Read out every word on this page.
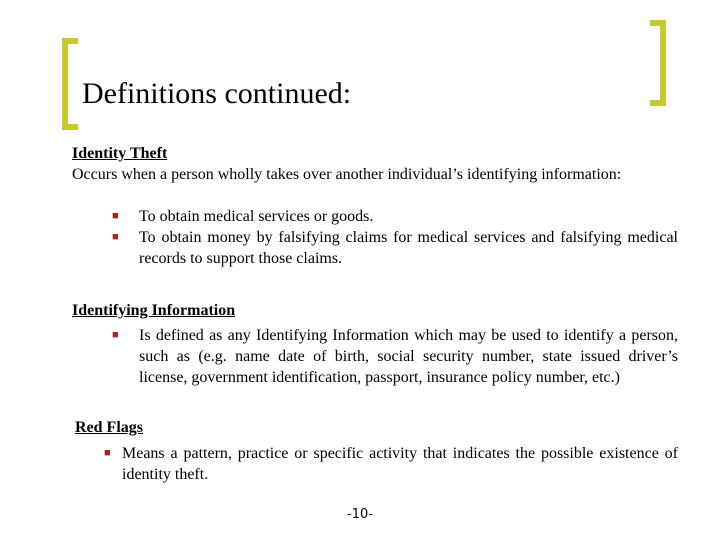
Definitions continued:
Identity Theft
Occurs when a person wholly takes over another individual’s identifying information:
■	To obtain medical services or goods.
■	To obtain money by falsifying claims for medical services and falsifying medical records to support those claims.
Identifying Information
■	Is defined as any Identifying Information which may be used to identify a person, such as (e.g. name date of birth, social security number, state issued driver’s license, government identification, passport, insurance policy number, etc.)
Red Flags
■ Means a pattern, practice or specific activity that indicates the possible existence of identity theft.
-10-
